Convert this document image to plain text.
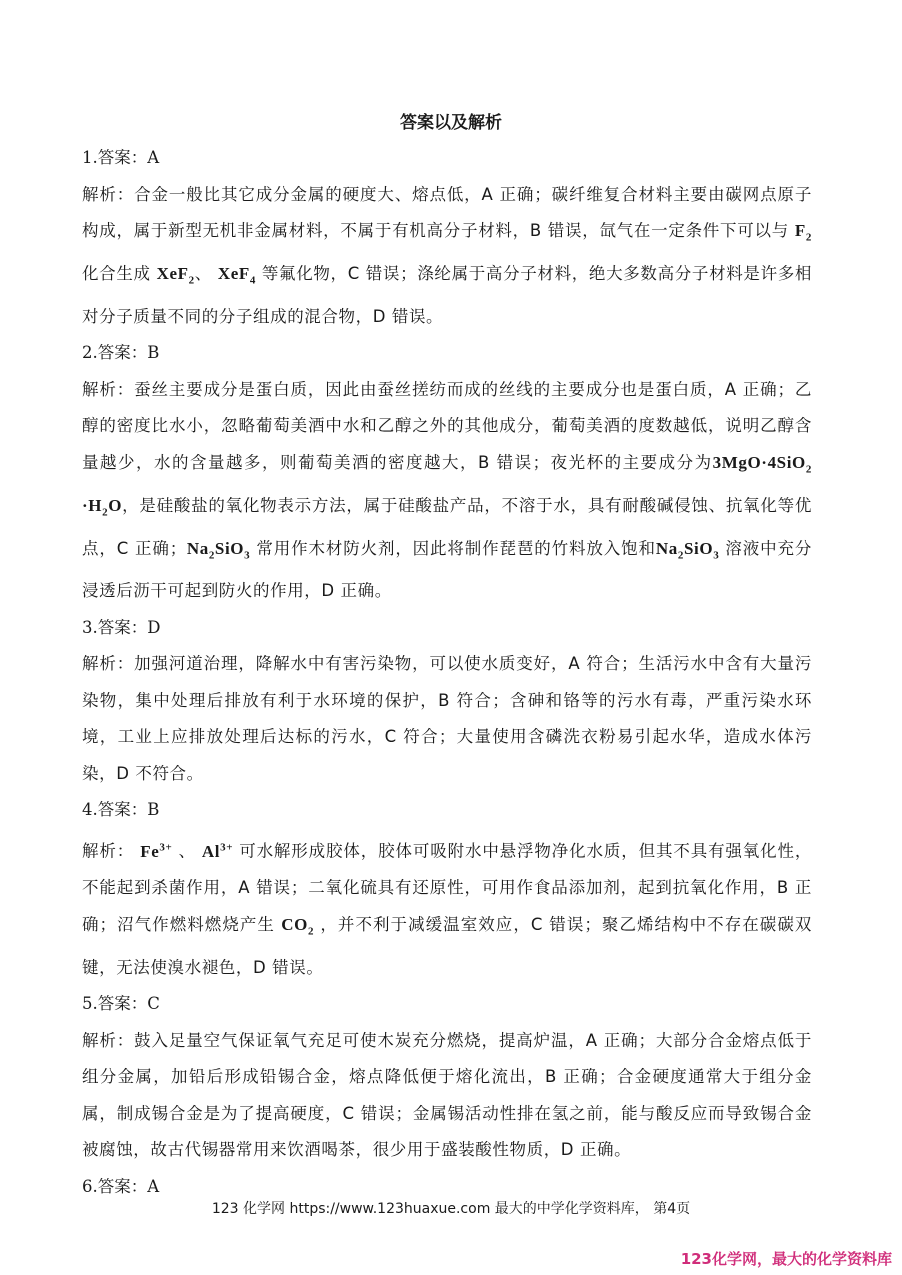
答案以及解析

1.答案：A

解析：合金一般比其它成分金属的硬度大、熔点低，A 正确；碳纤维复合材料主要由碳网点原子构成，属于新型无机非金属材料，不属于有机高分子材料，B 错误，氙气在一定条件下可以与 $F_2$ 化合生成 XeF$_2$、 XeF$_4$ 等氟化物，C 错误；涤纶属于高分子材料，绝大多数高分子材料是许多相对分子质量不同的分子组成的混合物，D 错误。

2.答案：B

解析：蚕丝主要成分是蛋白质，因此由蚕丝搓纺而成的丝线的主要成分也是蛋白质，A 正确；乙醇的密度比水小，忽略葡萄美酒中水和乙醇之外的其他成分，葡萄美酒的度数越低，说明乙醇含量越少，水的含量越多，则葡萄美酒的密度越大，B 错误；夜光杯的主要成分为$3MgO\cdot 4SiO_2 \cdot H_2O$，是硅酸盐的氧化物表示方法，属于硅酸盐产品，不溶于水，具有耐酸碱侵蚀、抗氧化等优点，C 正确；$Na_2SiO_3$ 常用作木材防火剂，因此将制作琵琶的竹料放入饱和$Na_2SiO_3$ 溶液中充分浸透后沥干可起到防火的作用，D 正确。

3.答案：D

解析：加强河道治理，降解水中有害污染物，可以使水质变好，A 符合；生活污水中含有大量污染物，集中处理后排放有利于水环境的保护，B 符合；含砷和铬等的污水有毒，严重污染水环境，工业上应排放处理后达标的污水，C 符合；大量使用含磷洗衣粉易引起水华，造成水体污染，D 不符合。

4.答案：B

解析： $Fe^{3+}$ 、 $Al^{3+}$ 可水解形成胶体，胶体可吸附水中悬浮物净化水质，但其不具有强氧化性，不能起到杀菌作用，A 错误；二氧化硫具有还原性，可用作食品添加剂，起到抗氧化作用，B 正确；沼气作燃料燃烧产生 $CO_2$ ，并不利于减缓温室效应，C 错误；聚乙烯结构中不存在碳碳双键，无法使溴水褪色，D 错误。

5.答案：C

解析：鼓入足量空气保证氧气充足可使木炭充分燃烧，提高炉温，A 正确；大部分合金熔点低于组分金属，加铅后形成铅锡合金，熔点降低便于熔化流出，B 正确；合金硬度通常大于组分金属，制成锡合金是为了提高硬度，C 错误；金属锡活动性排在氢之前，能与酸反应而导致锡合金被腐蚀，故古代锡器常用来饮酒喝茶，很少用于盛装酸性物质，D 正确。

6.答案：A

123 化学网 https://www.123huaxue.com 最大的中学化学资料库， 第4页
123化学网，最大的化学资料库
